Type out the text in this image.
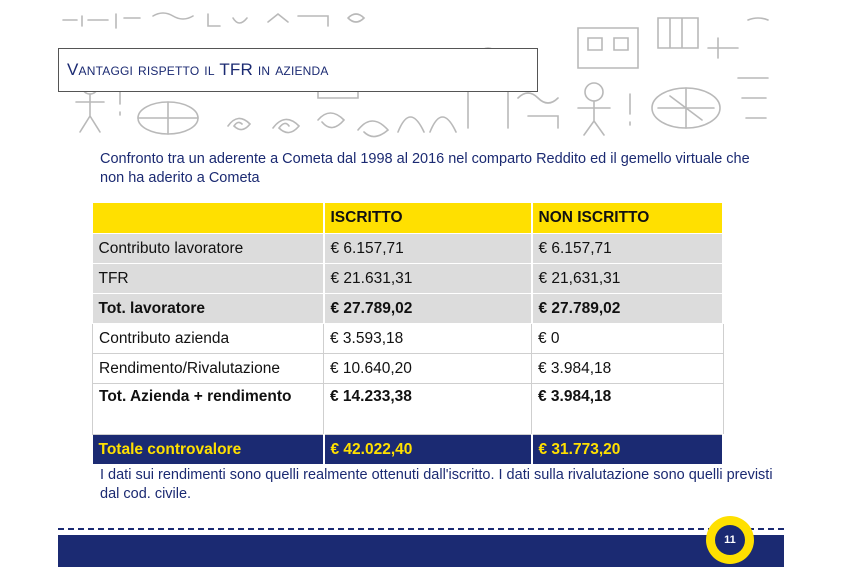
Vantaggi rispetto il TFR in azienda
Confronto tra un aderente a Cometa dal 1998 al 2016 nel comparto Reddito ed il gemello virtuale che non ha aderito a Cometa
	ISCRITTO	NON ISCRITTO
Contributo lavoratore	€ 6.157,71	€ 6.157,71
TFR	€ 21.631,31	€ 21,631,31
Tot. lavoratore	€ 27.789,02	€ 27.789,02
Contributo azienda	€ 3.593,18	€ 0
Rendimento/Rivalutazione	€ 10.640,20	€ 3.984,18
Tot. Azienda + rendimento	€ 14.233,38	€ 3.984,18
Totale controvalore	€ 42.022,40	€ 31.773,20
I dati sui rendimenti sono quelli realmente ottenuti dall'iscritto. I dati sulla rivalutazione sono quelli previsti dal cod. civile.
11
